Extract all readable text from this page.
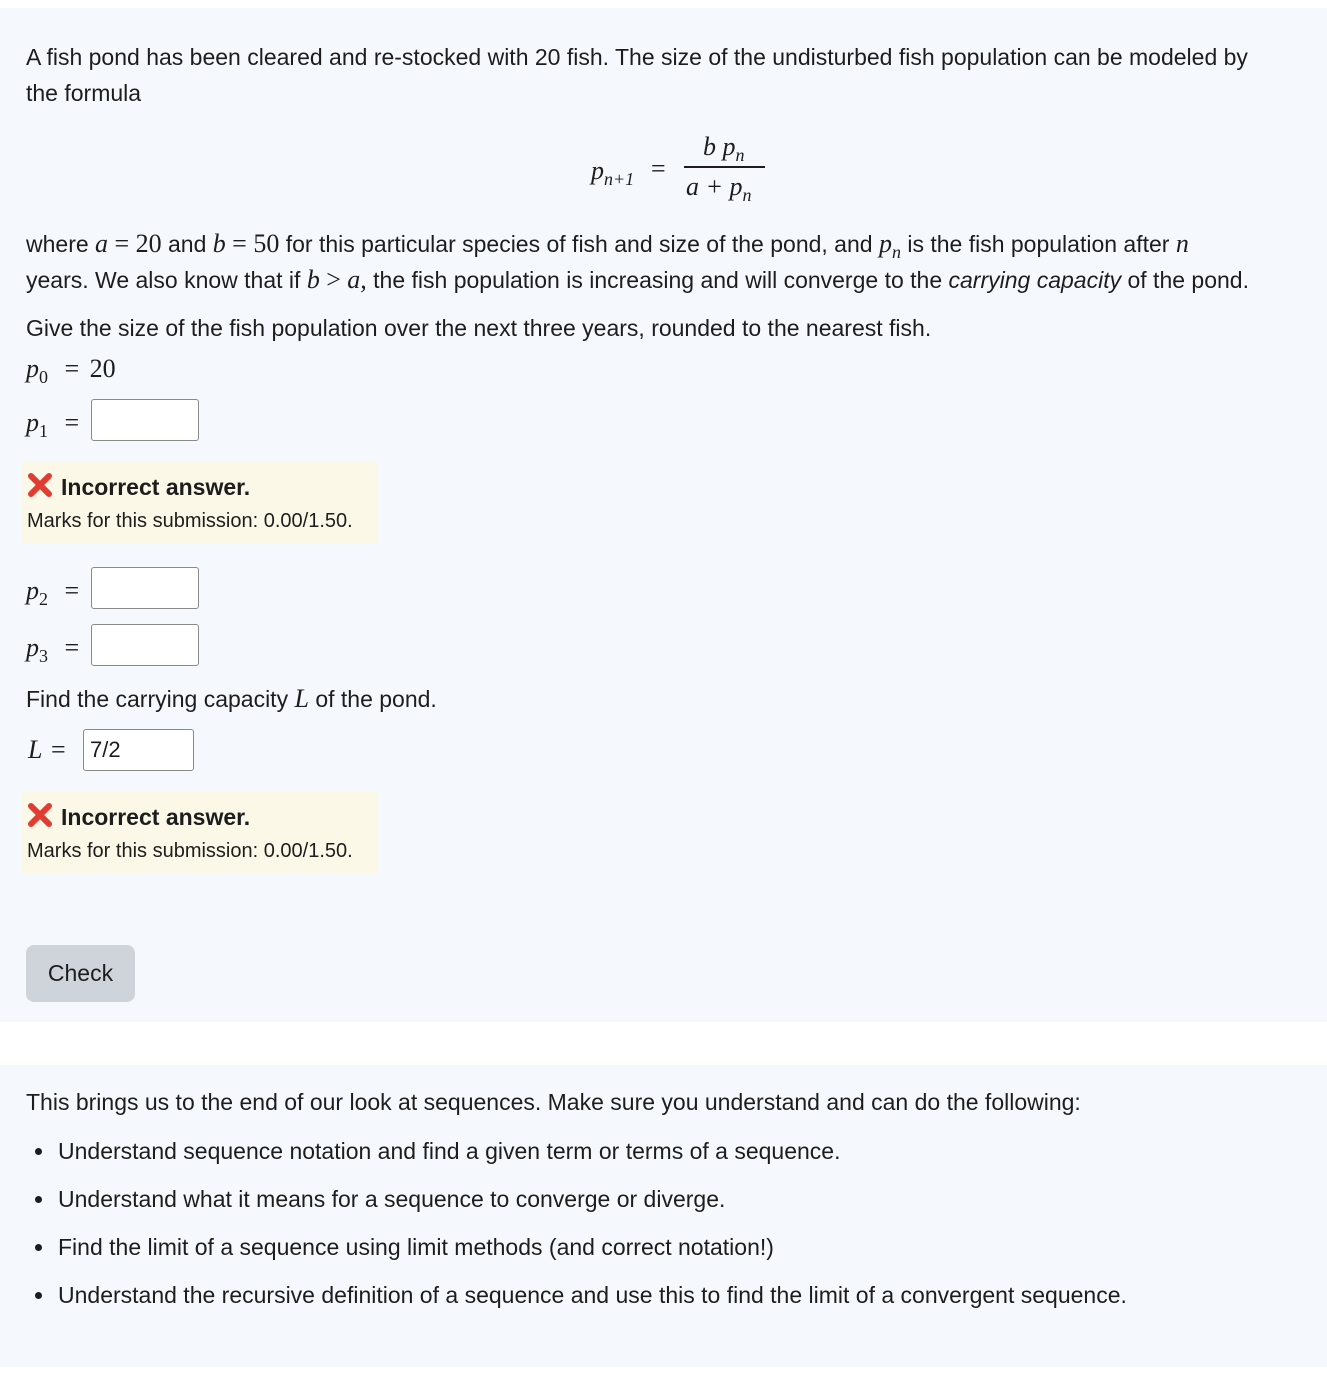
A fish pond has been cleared and re-stocked with 20 fish. The size of the undisturbed fish population can be modeled by
the formula
$p_{n+1}$ =
b $p_n$
$a + p_n$
where a = 20 and b = 50 for this particular species of fish and size of the pond, and $p_n$ is the fish population after n
years. We also know that if b > a, the fish population is increasing and will converge to the carrying capacity of the pond.
Give the size of the fish population over the next three years, rounded to the nearest fish.
$p_0 = 20$
$p_1$ =
Incorrect answer.
Marks for this submission: 0.00/1.50.
$p_2$ =
$p_3$ =
Find the carrying capacity L of the pond.
L =
7/2
Incorrect answer.
Marks for this submission: 0.00/1.50.
Check
This brings us to the end of our look at sequences. Make sure you understand and can do the following:
Understand sequence notation and find a given term or terms of a sequence.
Understand what it means for a sequence to converge or diverge.
Find the limit of a sequence using limit methods (and correct notation!)
Understand the recursive definition of a sequence and use this to find the limit of a convergent sequence.
